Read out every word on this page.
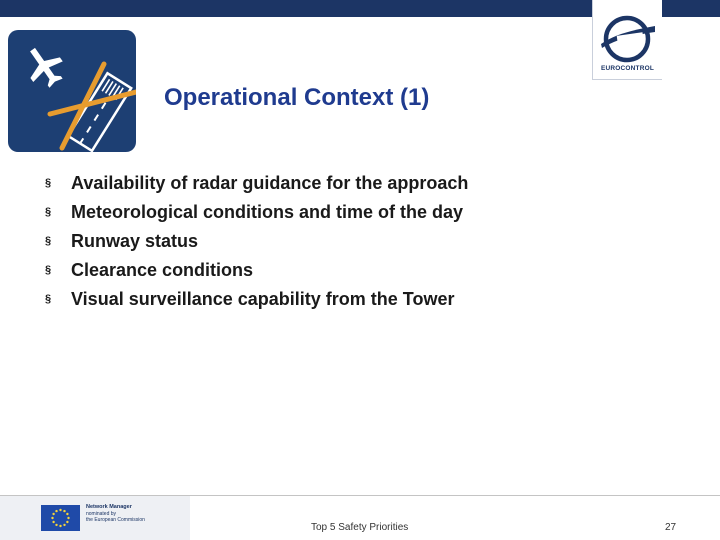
EUROCONTROL
Operational Context (1)
§ Availability of radar guidance for the approach
§ Meteorological conditions and time of the day
§ Runway status
§ Clearance conditions
§ Visual surveillance capability from the Tower
Network Manager
nominated by
the European Commission
Top 5 Safety Priorities	27
